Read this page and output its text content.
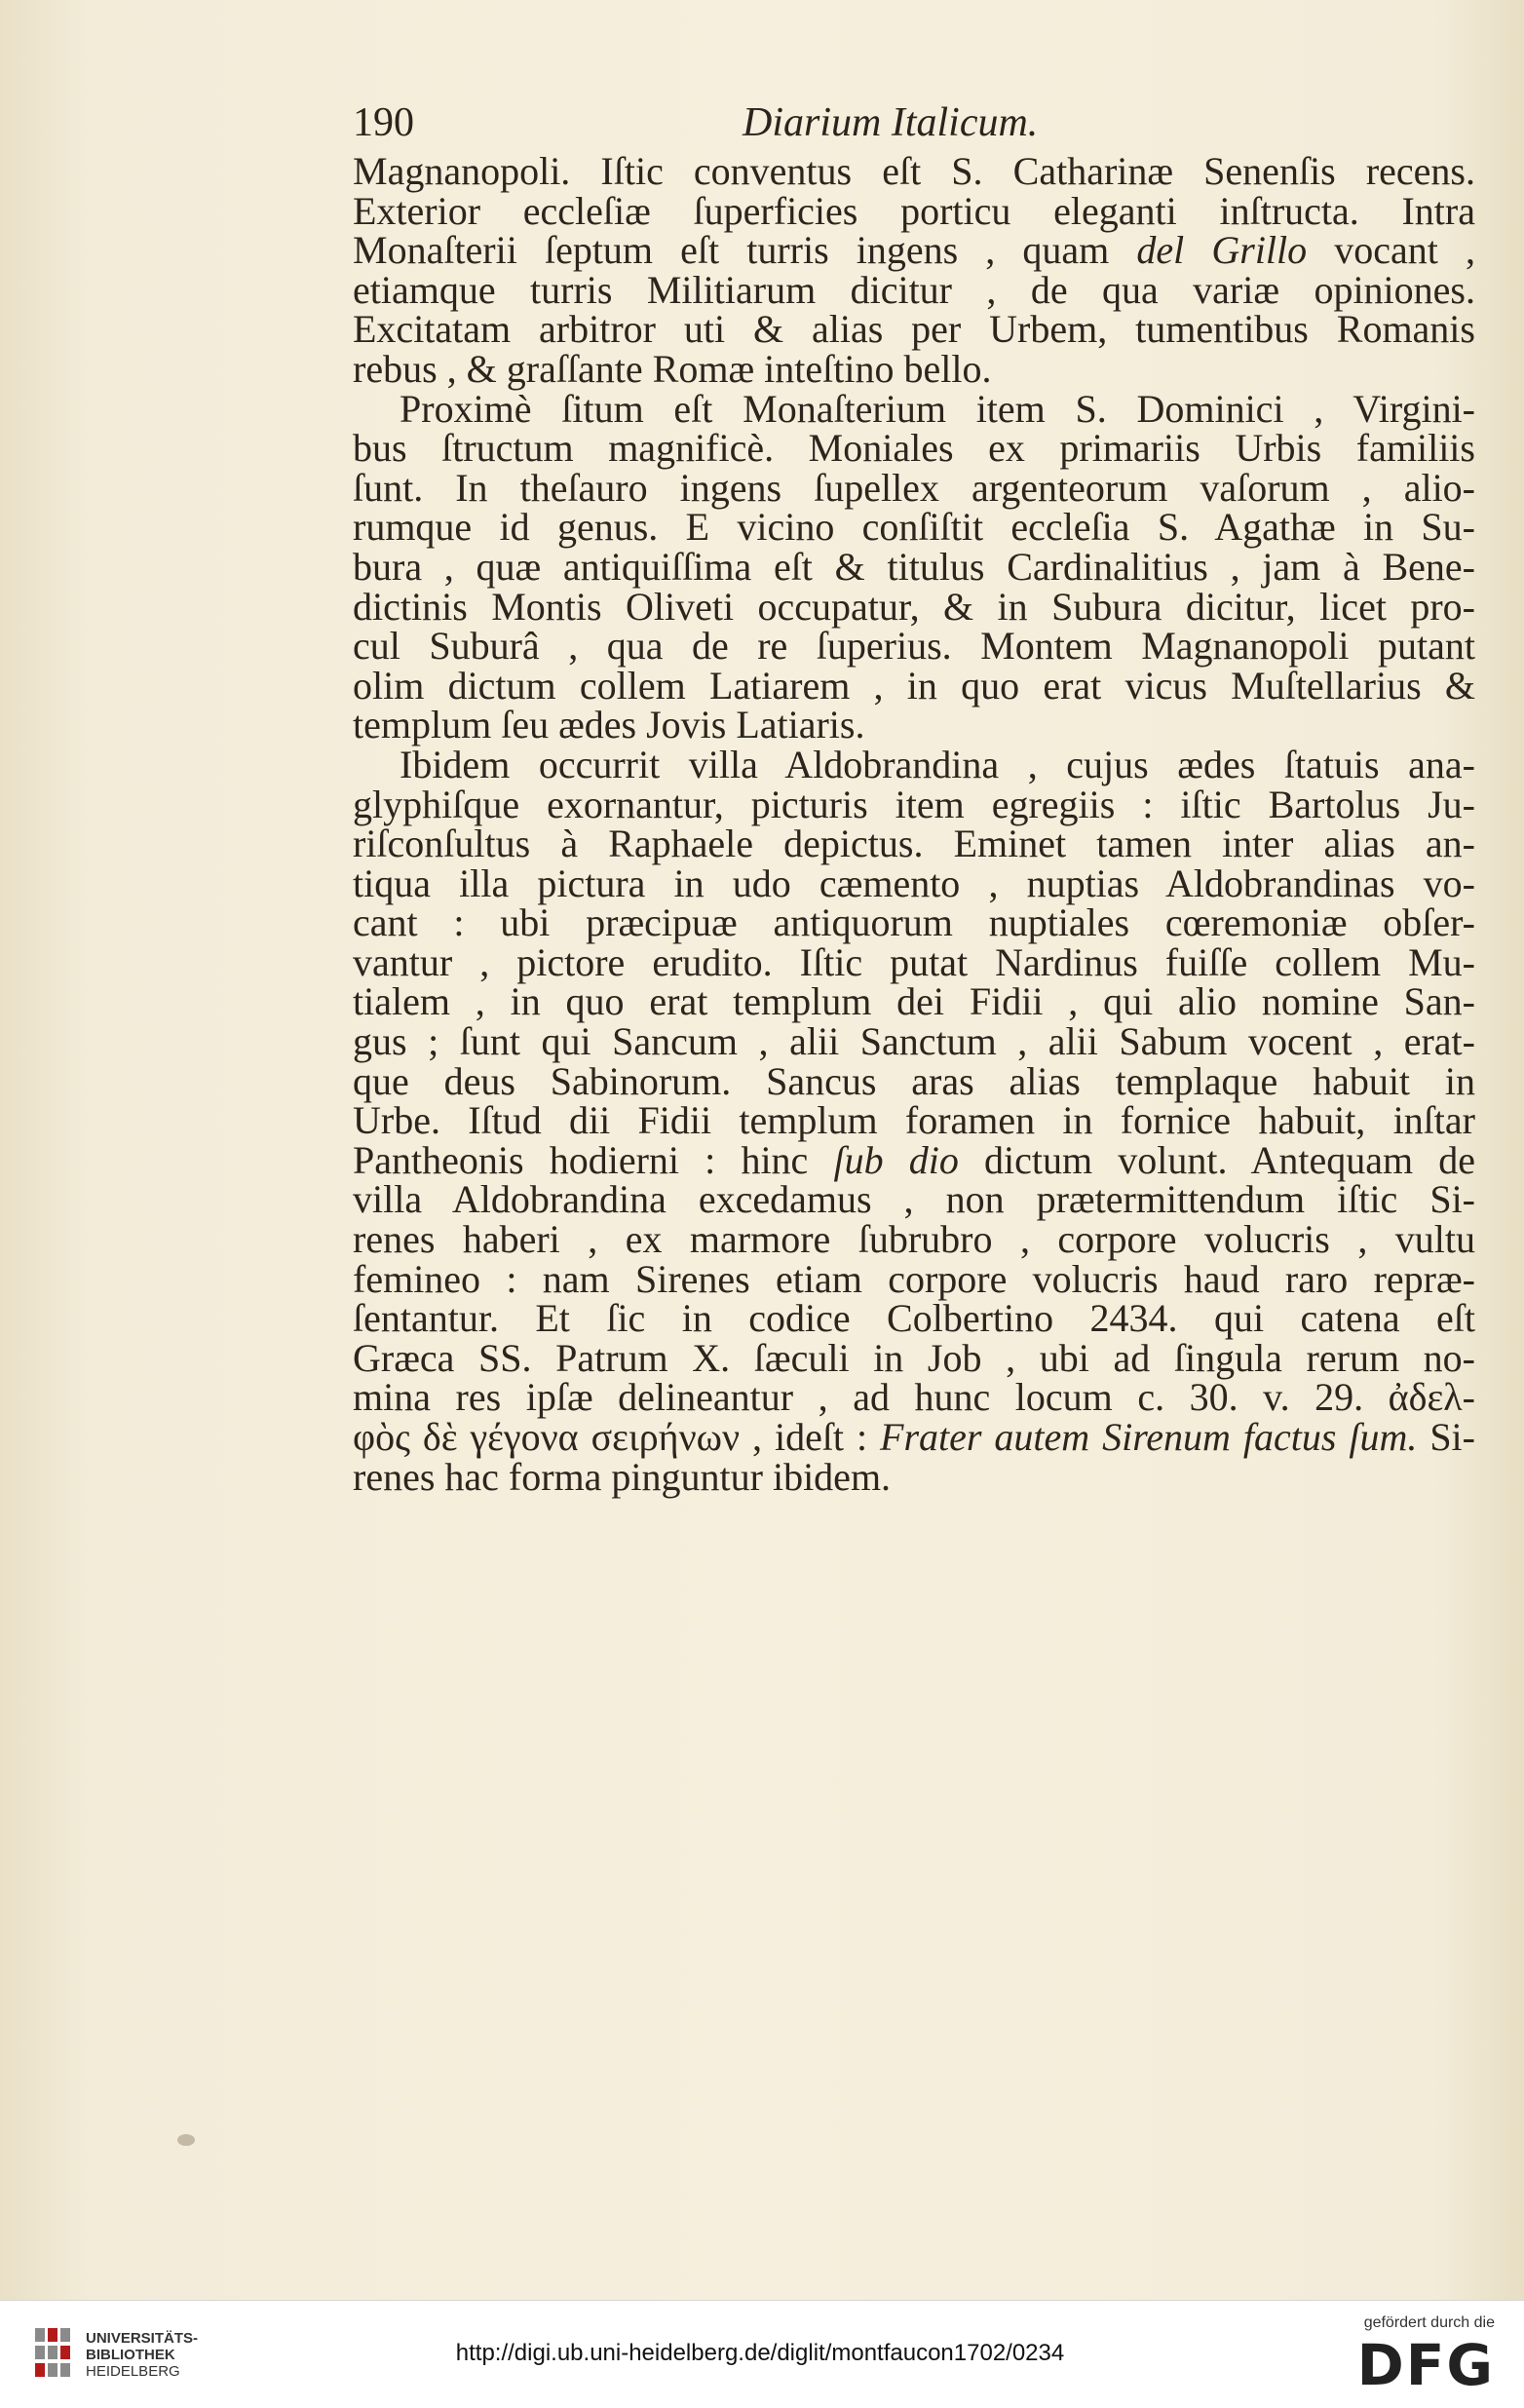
190	Diarium Italicum.
Magnanopoli. Iſtic conventus eſt S. Catharinæ Senenſis recens.
Exterior eccleſiæ ſuperficies porticu eleganti inſtructa. Intra
Monaſterii ſeptum eſt turris ingens , quam del Grillo vocant ,
etiamque turris Militiarum dicitur , de qua variæ opiniones.
Excitatam arbitror uti & alias per Urbem, tumentibus Romanis
rebus , & graſſante Romæ inteſtino bello.
Proximè ſitum eſt Monaſterium item S. Dominici , Virgini-
bus ſtructum magnificè. Moniales ex primariis Urbis familiis
ſunt. In theſauro ingens ſupellex argenteorum vaſorum , alio-
rumque id genus. E vicino conſiſtit eccleſia S. Agathæ in Su-
bura , quæ antiquiſſima eſt & titulus Cardinalitius , jam à Bene-
dictinis Montis Oliveti occupatur, & in Subura dicitur, licet pro-
cul Suburâ , qua de re ſuperius. Montem Magnanopoli putant
olim dictum collem Latiarem , in quo erat vicus Muſtellarius &
templum ſeu ædes Jovis Latiaris.
Ibidem occurrit villa Aldobrandina , cujus ædes ſtatuis ana-
glyphiſque exornantur, picturis item egregiis : iſtic Bartolus Ju-
riſconſultus à Raphaele depictus. Eminet tamen inter alias an-
tiqua illa pictura in udo cæmento , nuptias Aldobrandinas vo-
cant : ubi præcipuæ antiquorum nuptiales cœremoniæ obſer-
vantur , pictore erudito. Iſtic putat Nardinus fuiſſe collem Mu-
tialem , in quo erat templum dei Fidii , qui alio nomine San-
gus ; ſunt qui Sancum , alii Sanctum , alii Sabum vocent , erat-
que deus Sabinorum. Sancus aras alias templaque habuit in
Urbe. Iſtud dii Fidii templum foramen in fornice habuit, inſtar
Pantheonis hodierni : hinc ſub dio dictum volunt. Antequam de
villa Aldobrandina excedamus , non prætermittendum iſtic Si-
renes haberi , ex marmore ſubrubro , corpore volucris , vultu
femineo : nam Sirenes etiam corpore volucris haud raro repræ-
ſentantur. Et ſic in codice Colbertino 2434. qui catena eſt
Græca SS. Patrum X. ſæculi in Job , ubi ad ſingula rerum no-
mina res ipſæ delineantur , ad hunc locum c. 30. v. 29. ἀδελ-
φὸς δὲ γέγονα σειρήνων , ideſt : Frater autem Sirenum factus ſum. Si-
renes hac forma pinguntur ibidem.
UNIVERSITÄTS-
BIBLIOTHEK
HEIDELBERG
http://digi.ub.uni-heidelberg.de/diglit/montfaucon1702/0234
gefördert durch die
DFG
